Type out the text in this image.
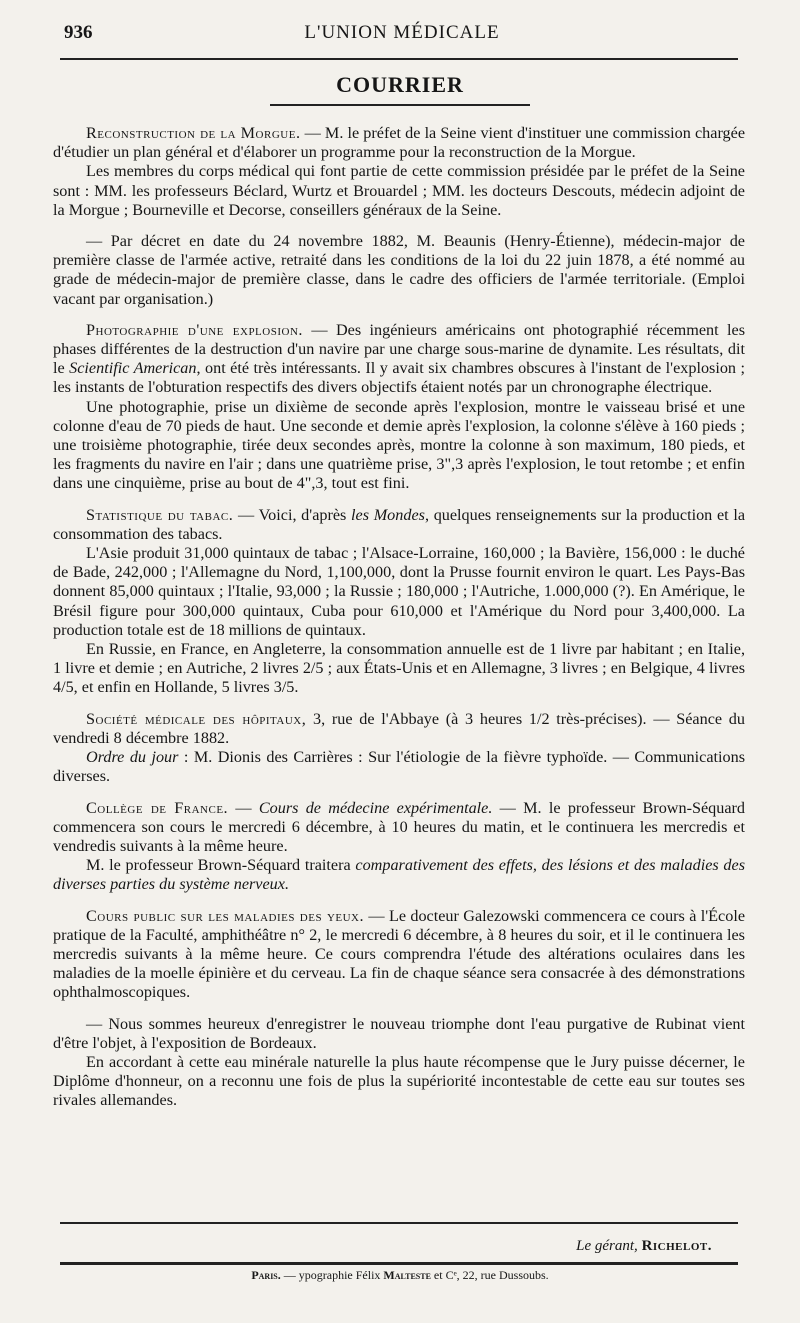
936	L'UNION MÉDICALE
COURRIER

Reconstruction de la Morgue. — M. le préfet de la Seine vient d'instituer une commission chargée d'étudier un plan général et d'élaborer un programme pour la reconstruction de la Morgue.

Les membres du corps médical qui font partie de cette commission présidée par le préfet de la Seine sont : MM. les professeurs Béclard, Wurtz et Brouardel ; MM. les docteurs Descouts, médecin adjoint de la Morgue ; Bourneville et Decorse, conseillers généraux de la Seine.

— Par décret en date du 24 novembre 1882, M. Beaunis (Henry-Étienne), médecin-major de première classe de l'armée active, retraité dans les conditions de la loi du 22 juin 1878, a été nommé au grade de médecin-major de première classe, dans le cadre des officiers de l'armée territoriale. (Emploi vacant par organisation.)

Photographie d'une explosion. — Des ingénieurs américains ont photographié récemment les phases différentes de la destruction d'un navire par une charge sous-marine de dynamite. Les résultats, dit le Scientific American, ont été très intéressants. Il y avait six chambres obscures à l'instant de l'explosion ; les instants de l'obturation respectifs des divers objectifs étaient notés par un chronographe électrique.

Une photographie, prise un dixième de seconde après l'explosion, montre le vaisseau brisé et une colonne d'eau de 70 pieds de haut. Une seconde et demie après l'explosion, la colonne s'élève à 160 pieds ; une troisième photographie, tirée deux secondes après, montre la colonne à son maximum, 180 pieds, et les fragments du navire en l'air ; dans une quatrième prise, 3",3 après l'explosion, le tout retombe ; et enfin dans une cinquième, prise au bout de 4",3, tout est fini.

Statistique du tabac. — Voici, d'après les Mondes, quelques renseignements sur la production et la consommation des tabacs.

L'Asie produit 31,000 quintaux de tabac ; l'Alsace-Lorraine, 160,000 ; la Bavière, 156,000 : le duché de Bade, 242,000 ; l'Allemagne du Nord, 1,100,000, dont la Prusse fournit environ le quart. Les Pays-Bas donnent 85,000 quintaux ; l'Italie, 93,000 ; la Russie ; 180,000 ; l'Autriche, 1.000,000 (?). En Amérique, le Brésil figure pour 300,000 quintaux, Cuba pour 610,000 et l'Amérique du Nord pour 3,400,000. La production totale est de 18 millions de quintaux.

En Russie, en France, en Angleterre, la consommation annuelle est de 1 livre par habitant ; en Italie, 1 livre et demie ; en Autriche, 2 livres 2/5 ; aux États-Unis et en Allemagne, 3 livres ; en Belgique, 4 livres 4/5, et enfin en Hollande, 5 livres 3/5.

Société médicale des hôpitaux, 3, rue de l'Abbaye (à 3 heures 1/2 très-précises). — Séance du vendredi 8 décembre 1882.

Ordre du jour : M. Dionis des Carrières : Sur l'étiologie de la fièvre typhoïde. — Communications diverses.

Collège de France. — Cours de médecine expérimentale. — M. le professeur Brown-Séquard commencera son cours le mercredi 6 décembre, à 10 heures du matin, et le continuera les mercredis et vendredis suivants à la même heure.

M. le professeur Brown-Séquard traitera comparativement des effets, des lésions et des maladies des diverses parties du système nerveux.

Cours public sur les maladies des yeux. — Le docteur Galezowski commencera ce cours à l'École pratique de la Faculté, amphithéâtre n° 2, le mercredi 6 décembre, à 8 heures du soir, et il le continuera les mercredis suivants à la même heure. Ce cours comprendra l'étude des altérations oculaires dans les maladies de la moelle épinière et du cerveau. La fin de chaque séance sera consacrée à des démonstrations ophthalmoscopiques.

— Nous sommes heureux d'enregistrer le nouveau triomphe dont l'eau purgative de Rubinat vient d'être l'objet, à l'exposition de Bordeaux.

En accordant à cette eau minérale naturelle la plus haute récompense que le Jury puisse décerner, le Diplôme d'honneur, on a reconnu une fois de plus la supériorité incontestable de cette eau sur toutes ses rivales allemandes.

Le gérant, Richelot.
Paris. — ypographie Félix Malteste et Cᵉ, 22, rue Dussoubs.
